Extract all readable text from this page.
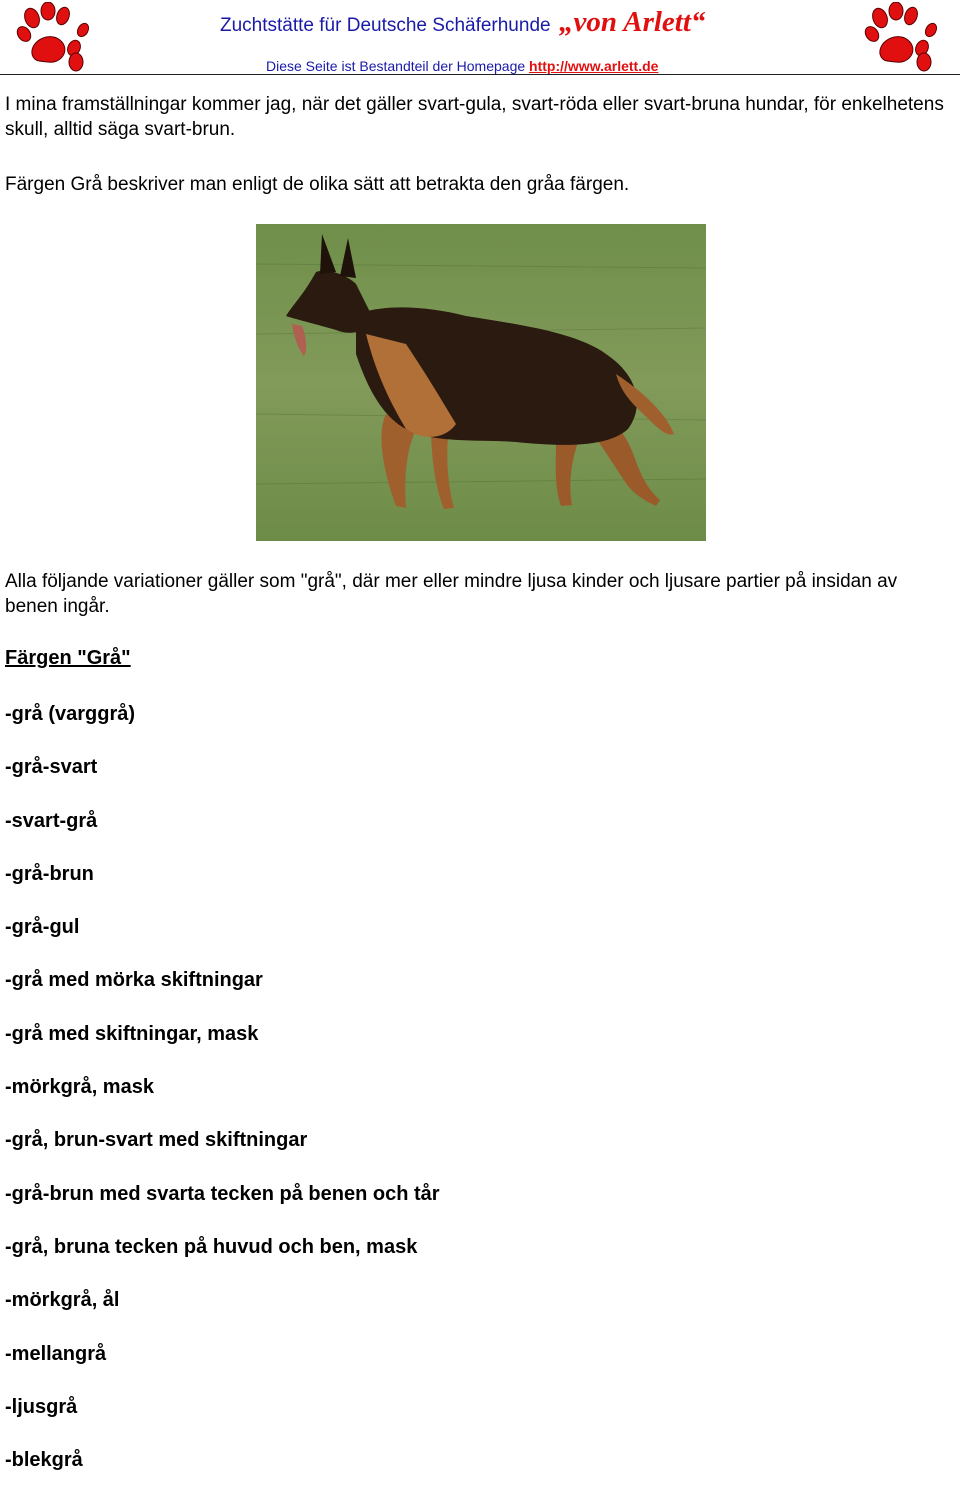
Zuchtstätte für Deutsche Schäferhunde „von Arlett“
Diese Seite ist Bestandteil der Homepage http://www.arlett.de

I mina framställningar kommer jag, när det gäller svart-gula, svart-röda eller svart-bruna hundar, för enkelhetens skull, alltid säga svart-brun.

Färgen Grå beskriver man enligt de olika sätt att betrakta den gråa färgen.

Alla följande variationer gäller som "grå", där mer eller mindre ljusa kinder och ljusare partier på insidan av benen ingår.

Färgen "Grå"

-grå (varggrå)
-grå-svart
-svart-grå
-grå-brun
-grå-gul
-grå med mörka skiftningar
-grå med skiftningar, mask
-mörkgrå, mask
-grå, brun-svart med skiftningar
-grå-brun med svarta tecken på benen och tår
-grå, bruna tecken på huvud och ben, mask
-mörkgrå, ål
-mellangrå
-ljusgrå
-blekgrå
